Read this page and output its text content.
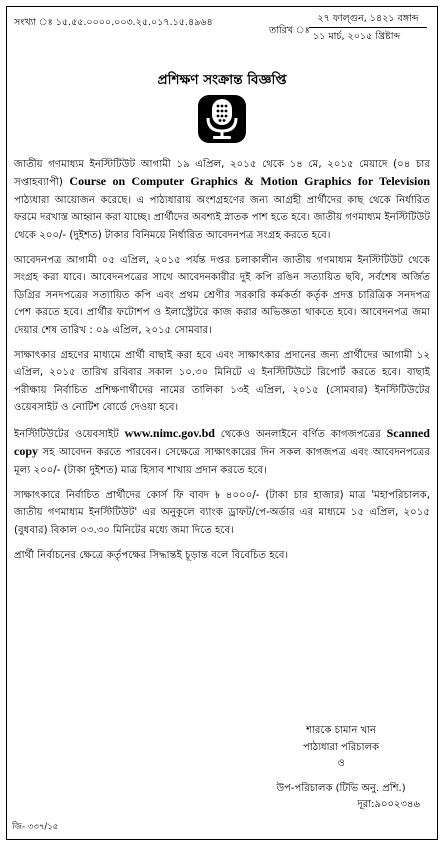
সংখ্যা ঃ ১৫.৫৫.০০০০.০০৩.২৫.০১৭.১৫.৪৯৬৪
তারিখ ঃ
২৭ ফাল্গুন, ১৪২১ বঙ্গাব্দ
১১ মার্চ, ২০১৫ খ্রিষ্টাব্দ
প্রশিক্ষণ সংক্রান্ত বিজ্ঞপ্তি

জাতীয় গণমাধ্যম ইনস্টিটিউট আগামী ১৯ এপ্রিল, ২০১৫ থেকে ১৪ মে, ২০১৫ মেয়াদে (০৪ চার সপ্তাহব্যাপী) Course on Computer Graphics & Motion Graphics for Television পাঠ্যধারা আয়োজন করেছে। এ পাঠ্যধারায় অংশগ্রহণের জন্য আগ্রহী প্রার্থীদের কাছ থেকে নির্ধারিত ফরমে দরখাস্ত আহ্বান করা যাচ্ছে। প্রার্থীদের অবশ্যই স্নাতক পাশ হতে হবে। জাতীয় গণমাধ্যম ইনস্টিটিউট থেকে ২০০/- (দুইশত) টাকার বিনিময়ে নির্ধারিত আবেদনপত্র সংগ্রহ করতে হবে।

আবেদনপত্র আগামী ০৫ এপ্রিল, ২০১৫ পর্যন্ত দপ্তর চলাকালীন জাতীয় গণমাধ্যম ইনস্টিটিউট থেকে সংগ্রহ করা যাবে। আবেদনপত্রের সাথে আবেদনকারীর দুই কপি রঙিন সত্যায়িত ছবি, সর্বশেষ অর্জিত ডিগ্রির সনদপত্রের সত্যায়িত কপি এবং প্রথম শ্রেণীর সরকারি কর্মকর্তা কর্তৃক প্রদত্ত চারিত্রিক সনদপত্র পেশ করতে হবে। প্রার্থীর ফটোশপ ও ইলাস্ট্রেটরে কাজ করার অভিজ্ঞতা থাকতে হবে। আবেদনপত্র জমা দেয়ার শেষ তারিখ : ০৯ এপ্রিল, ২০১৫ সোমবার।

সাক্ষাৎকার গ্রহণের মাধ্যমে প্রার্থী বাছাই করা হবে এবং সাক্ষাৎকার প্রদানের জন্য প্রার্থীদের আগামী ১২ এপ্রিল, ২০১৫ তারিখ রবিবার সকাল ১০.৩০ মিনিটে এ ইনস্টিটিউটে রিপোর্ট করতে হবে। বাছাই পরীক্ষায় নির্বাচিত প্রশিক্ষণার্থীদের নামের তালিকা ১৩ই এপ্রিল, ২০১৫ (সোমবার) ইনস্টিটিউটের ওয়েবসাইট ও নোটিশ বোর্ডে দেওয়া হবে।

ইনস্টিটিউটের ওয়েবসাইট www.nimc.gov.bd থেকেও অনলাইনে বর্ণিত কাগজপত্রের Scanned copy সহ আবেদন করতে পারবেন। সেক্ষেত্রে সাক্ষাৎকারের দিন সকল কাগজপত্র এবং আবেদনপত্রের মূল্য ২০০/- (টাকা দুইশত) মাত্র হিসাব শাখায় প্রদান করতে হবে।

সাক্ষাৎকারে নির্বাচিত প্রার্থীদের কোর্স ফি বাবদ ৳ ৪০০০/- (টাকা চার হাজার) মাত্র 'মহাপরিচালক, জাতীয় গণমাধ্যম ইনস্টিটিউট' এর অনুকূলে ব্যাংক ড্রাফট/পে-অর্ডার এর মাধ্যমে ১৫ এপ্রিল, ২০১৫ (বুধবার) বিকাল ০৩.৩০ মিনিটের মধ্যে জমা দিতে হবে।

প্রার্থী নির্বাচনের ক্ষেত্রে কর্তৃপক্ষের সিদ্ধান্তই চূড়ান্ত বলে বিবেচিত হবে।

শারকে চামান খান
পাঠ্যধারা পরিচালক
ও
উপ-পরিচালক (টিভি অনু. প্রশি.)
দূরা:৯০০২৩৪৬
জি- ৩৩৭/১৫
